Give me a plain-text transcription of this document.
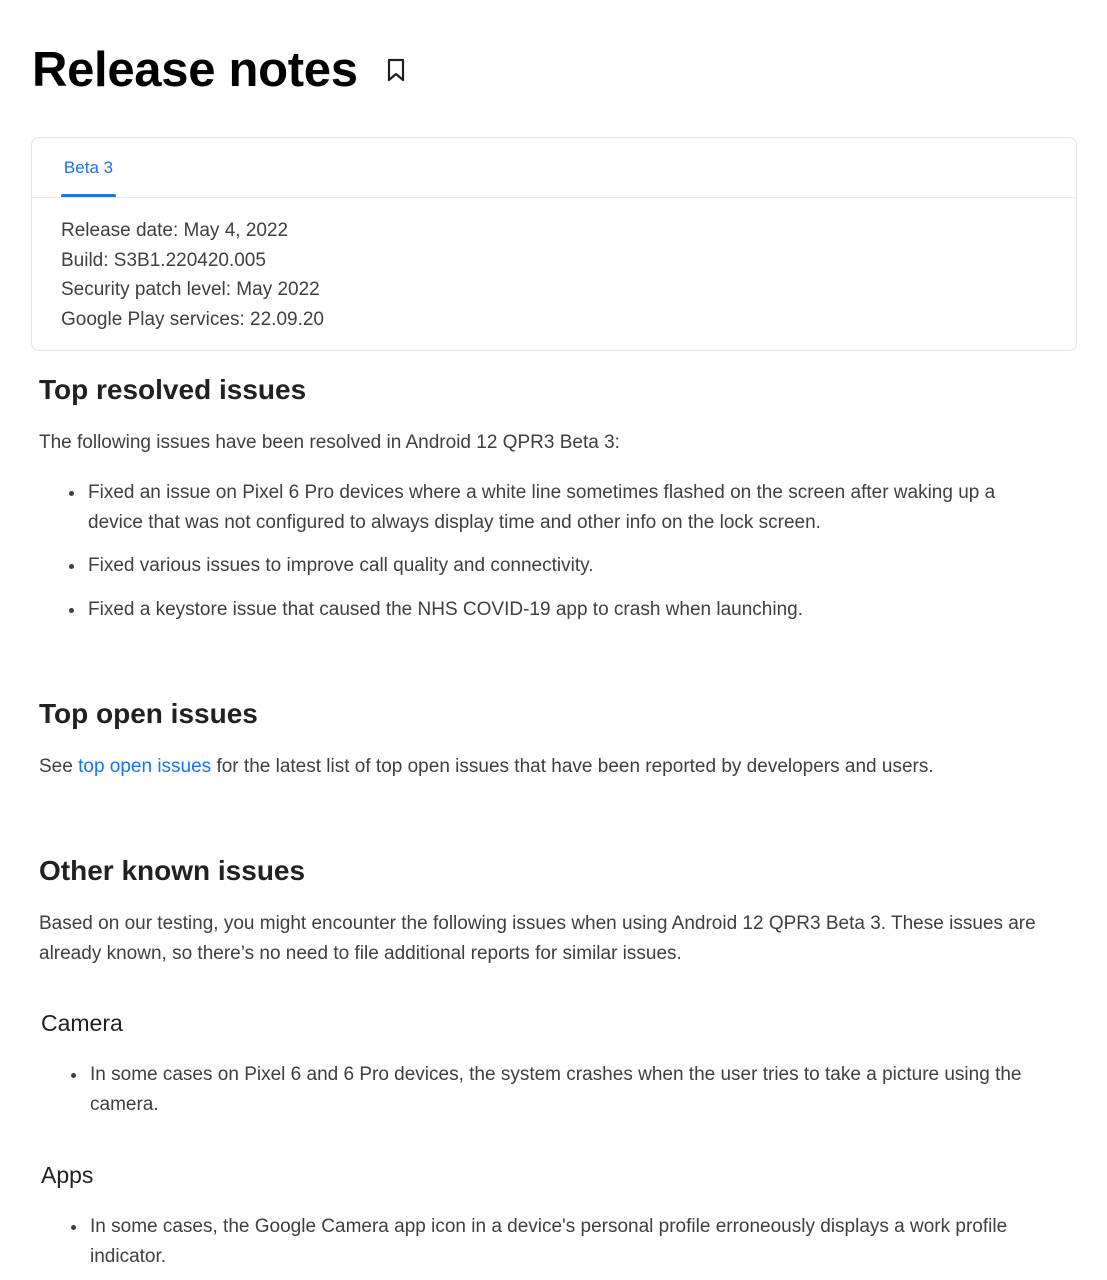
Release notes
Beta 3
Release date: May 4, 2022
Build: S3B1.220420.005
Security patch level: May 2022
Google Play services: 22.09.20
Top resolved issues

The following issues have been resolved in Android 12 QPR3 Beta 3:

Fixed an issue on Pixel 6 Pro devices where a white line sometimes flashed on the screen after waking up a device that was not configured to always display time and other info on the lock screen.
Fixed various issues to improve call quality and connectivity.
Fixed a keystore issue that caused the NHS COVID-19 app to crash when launching.
Top open issues

See top open issues for the latest list of top open issues that have been reported by developers and users.

Other known issues

Based on our testing, you might encounter the following issues when using Android 12 QPR3 Beta 3. These issues are already known, so there’s no need to file additional reports for similar issues.

Camera
In some cases on Pixel 6 and 6 Pro devices, the system crashes when the user tries to take a picture using the camera.
Apps
In some cases, the Google Camera app icon in a device's personal profile erroneously displays a work profile indicator.
